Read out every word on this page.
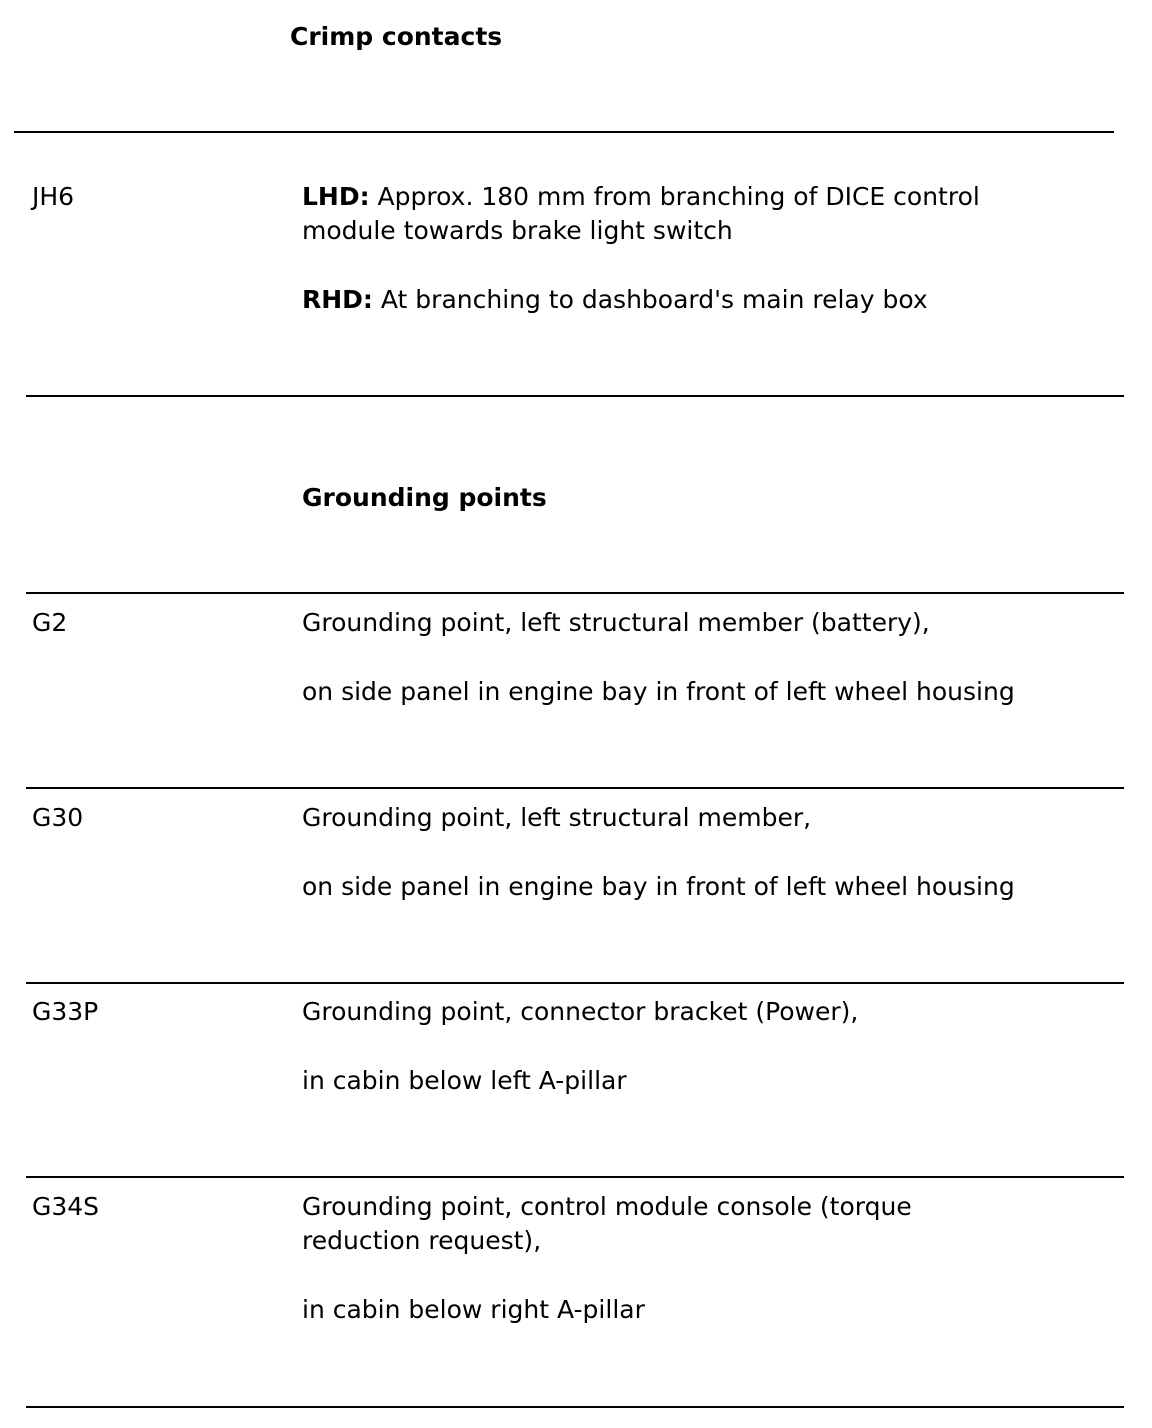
Crimp contacts
JH6	LHD: Approx. 180 mm from branching of DICE control
module towards brake light switch
RHD: At branching to dashboard's main relay box
Grounding points
G2	Grounding point, left structural member (battery),
on side panel in engine bay in front of left wheel housing
G30	Grounding point, left structural member,
on side panel in engine bay in front of left wheel housing
G33P	Grounding point, connector bracket (Power),
in cabin below left A-pillar
G34S	Grounding point, control module console (torque
reduction request),
in cabin below right A-pillar
